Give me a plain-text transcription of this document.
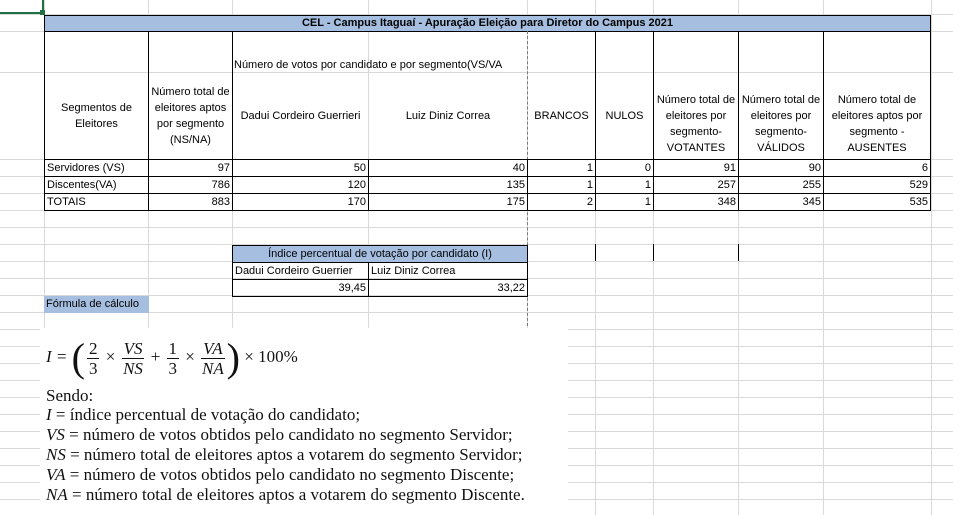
CEL - Campus Itaguaí - Apuração Eleição para Diretor do Campus 2021
Segmentos de Eleitores
Número total de eleitores aptos por segmento (NS/NA)
Número de votos por candidato e por segmento(VS/VA
Dadui Cordeiro Guerrieri	Luiz Diniz Correa	BRANCOS	NULOS
Número total de eleitores por segmento- VOTANTES
Número total de eleitores por segmento- VÁLIDOS
Número total de eleitores aptos por segmento - AUSENTES
Servidores (VS)	97	50	40	1	0	91	90	6
Discentes(VA)	786	120	135	1	1	257	255	529
TOTAIS	883	170	175	2	1	348	345	535
Índice percentual de votação por candidato (I)
Dadui Cordeiro Guerrier	Luiz Diniz Correa
39,45	33,22
Fórmula de cálculo
I = ( $\frac{2}{3} \times \frac{VS}{NS} + \frac{1}{3} \times \frac{VA}{NA}$ ) × 100%
Sendo:
I = índice percentual de votação do candidato;
VS = número de votos obtidos pelo candidato no segmento Servidor;
NS = número total de eleitores aptos a votarem do segmento Servidor;
VA = número de votos obtidos pelo candidato no segmento Discente;
NA = número total de eleitores aptos a votarem do segmento Discente.
